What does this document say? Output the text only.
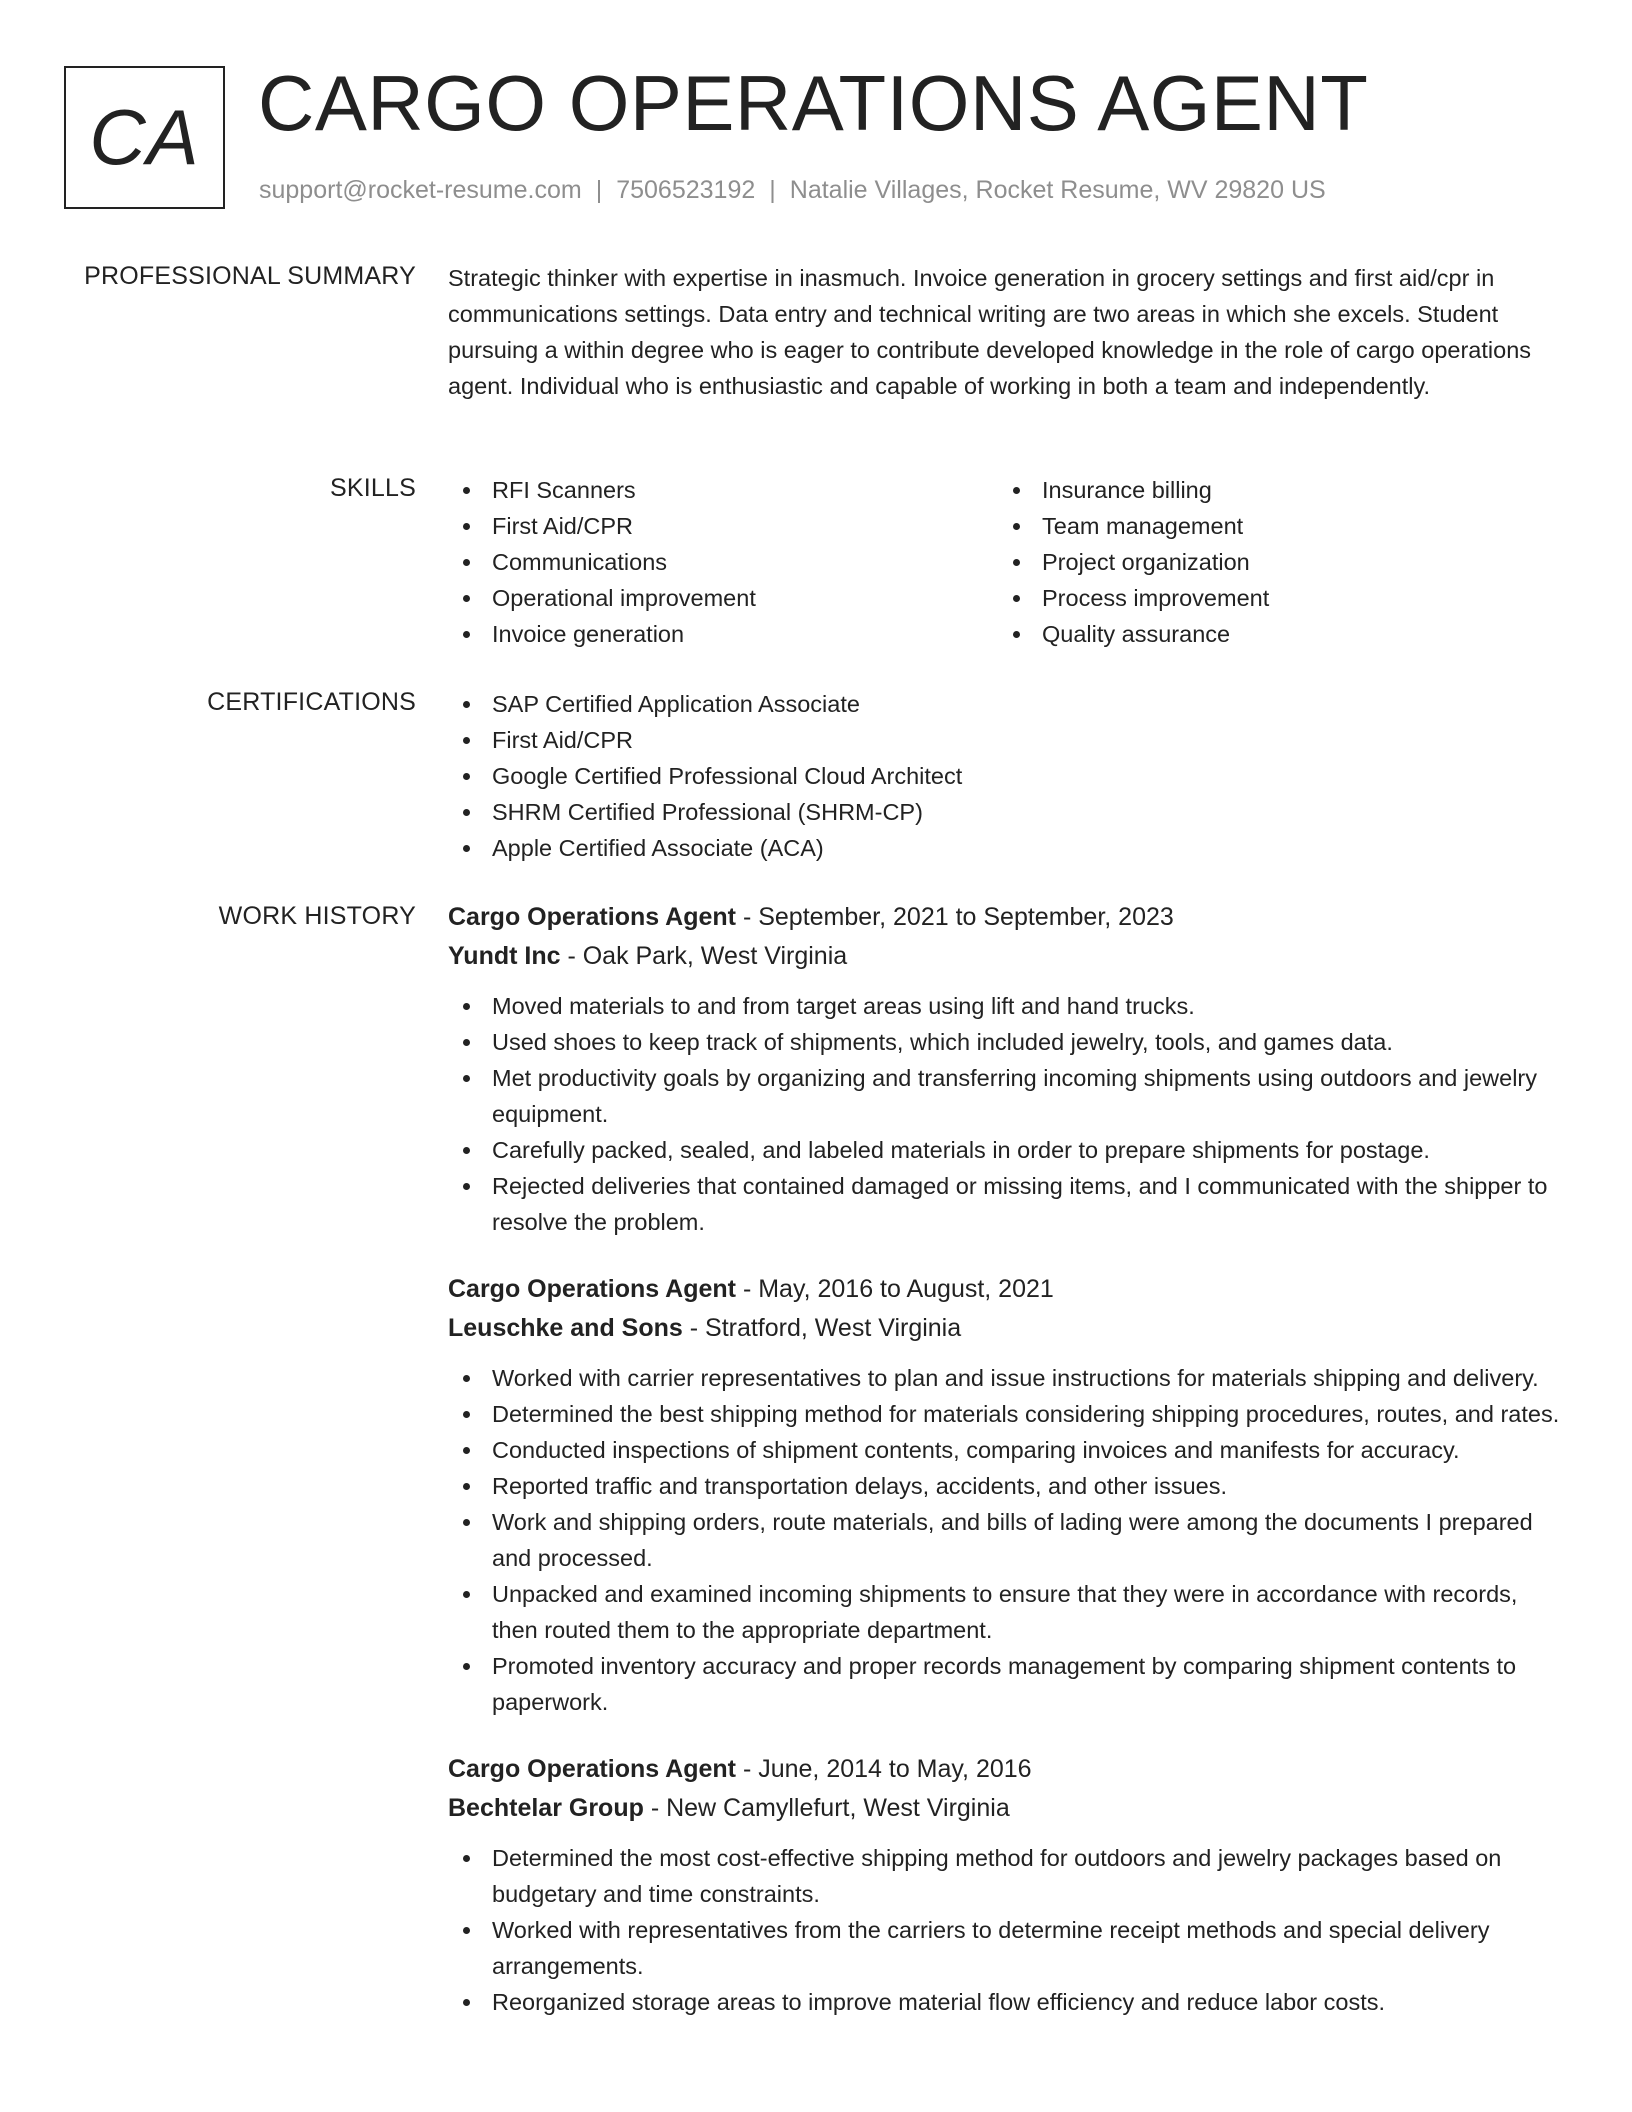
CA CARGO OPERATIONS AGENT
support@rocket-resume.com | 7506523192 | Natalie Villages, Rocket Resume, WV 29820 US
PROFESSIONAL SUMMARY Strategic thinker with expertise in inasmuch. Invoice generation in grocery settings and first aid/cpr in communications settings. Data entry and technical writing are two areas in which she excels. Student pursuing a within degree who is eager to contribute developed knowledge in the role of cargo operations agent. Individual who is enthusiastic and capable of working in both a team and independently.

SKILLS	RFI Scanners
First Aid/CPR
Communications
Operational improvement
Invoice generation
Insurance billing
Team management
Project organization
Process improvement
Quality assurance
CERTIFICATIONS	SAP Certified Application Associate
First Aid/CPR
Google Certified Professional Cloud Architect
SHRM Certified Professional (SHRM-CP)
Apple Certified Associate (ACA)
WORK HISTORY Cargo Operations Agent - September, 2021 to September, 2023
Yundt Inc - Oak Park, West Virginia
Moved materials to and from target areas using lift and hand trucks.
Used shoes to keep track of shipments, which included jewelry, tools, and games data.
Met productivity goals by organizing and transferring incoming shipments using outdoors and jewelry equipment.
Carefully packed, sealed, and labeled materials in order to prepare shipments for postage.
Rejected deliveries that contained damaged or missing items, and I communicated with the shipper to resolve the problem.
Cargo Operations Agent - May, 2016 to August, 2021
Leuschke and Sons - Stratford, West Virginia
Worked with carrier representatives to plan and issue instructions for materials shipping and delivery.
Determined the best shipping method for materials considering shipping procedures, routes, and rates.
Conducted inspections of shipment contents, comparing invoices and manifests for accuracy.
Reported traffic and transportation delays, accidents, and other issues.
Work and shipping orders, route materials, and bills of lading were among the documents I prepared and processed.
Unpacked and examined incoming shipments to ensure that they were in accordance with records, then routed them to the appropriate department.
Promoted inventory accuracy and proper records management by comparing shipment contents to paperwork.
Cargo Operations Agent - June, 2014 to May, 2016
Bechtelar Group - New Camyllefurt, West Virginia
Determined the most cost-effective shipping method for outdoors and jewelry packages based on budgetary and time constraints.
Worked with representatives from the carriers to determine receipt methods and special delivery arrangements.
Reorganized storage areas to improve material flow efficiency and reduce labor costs.
